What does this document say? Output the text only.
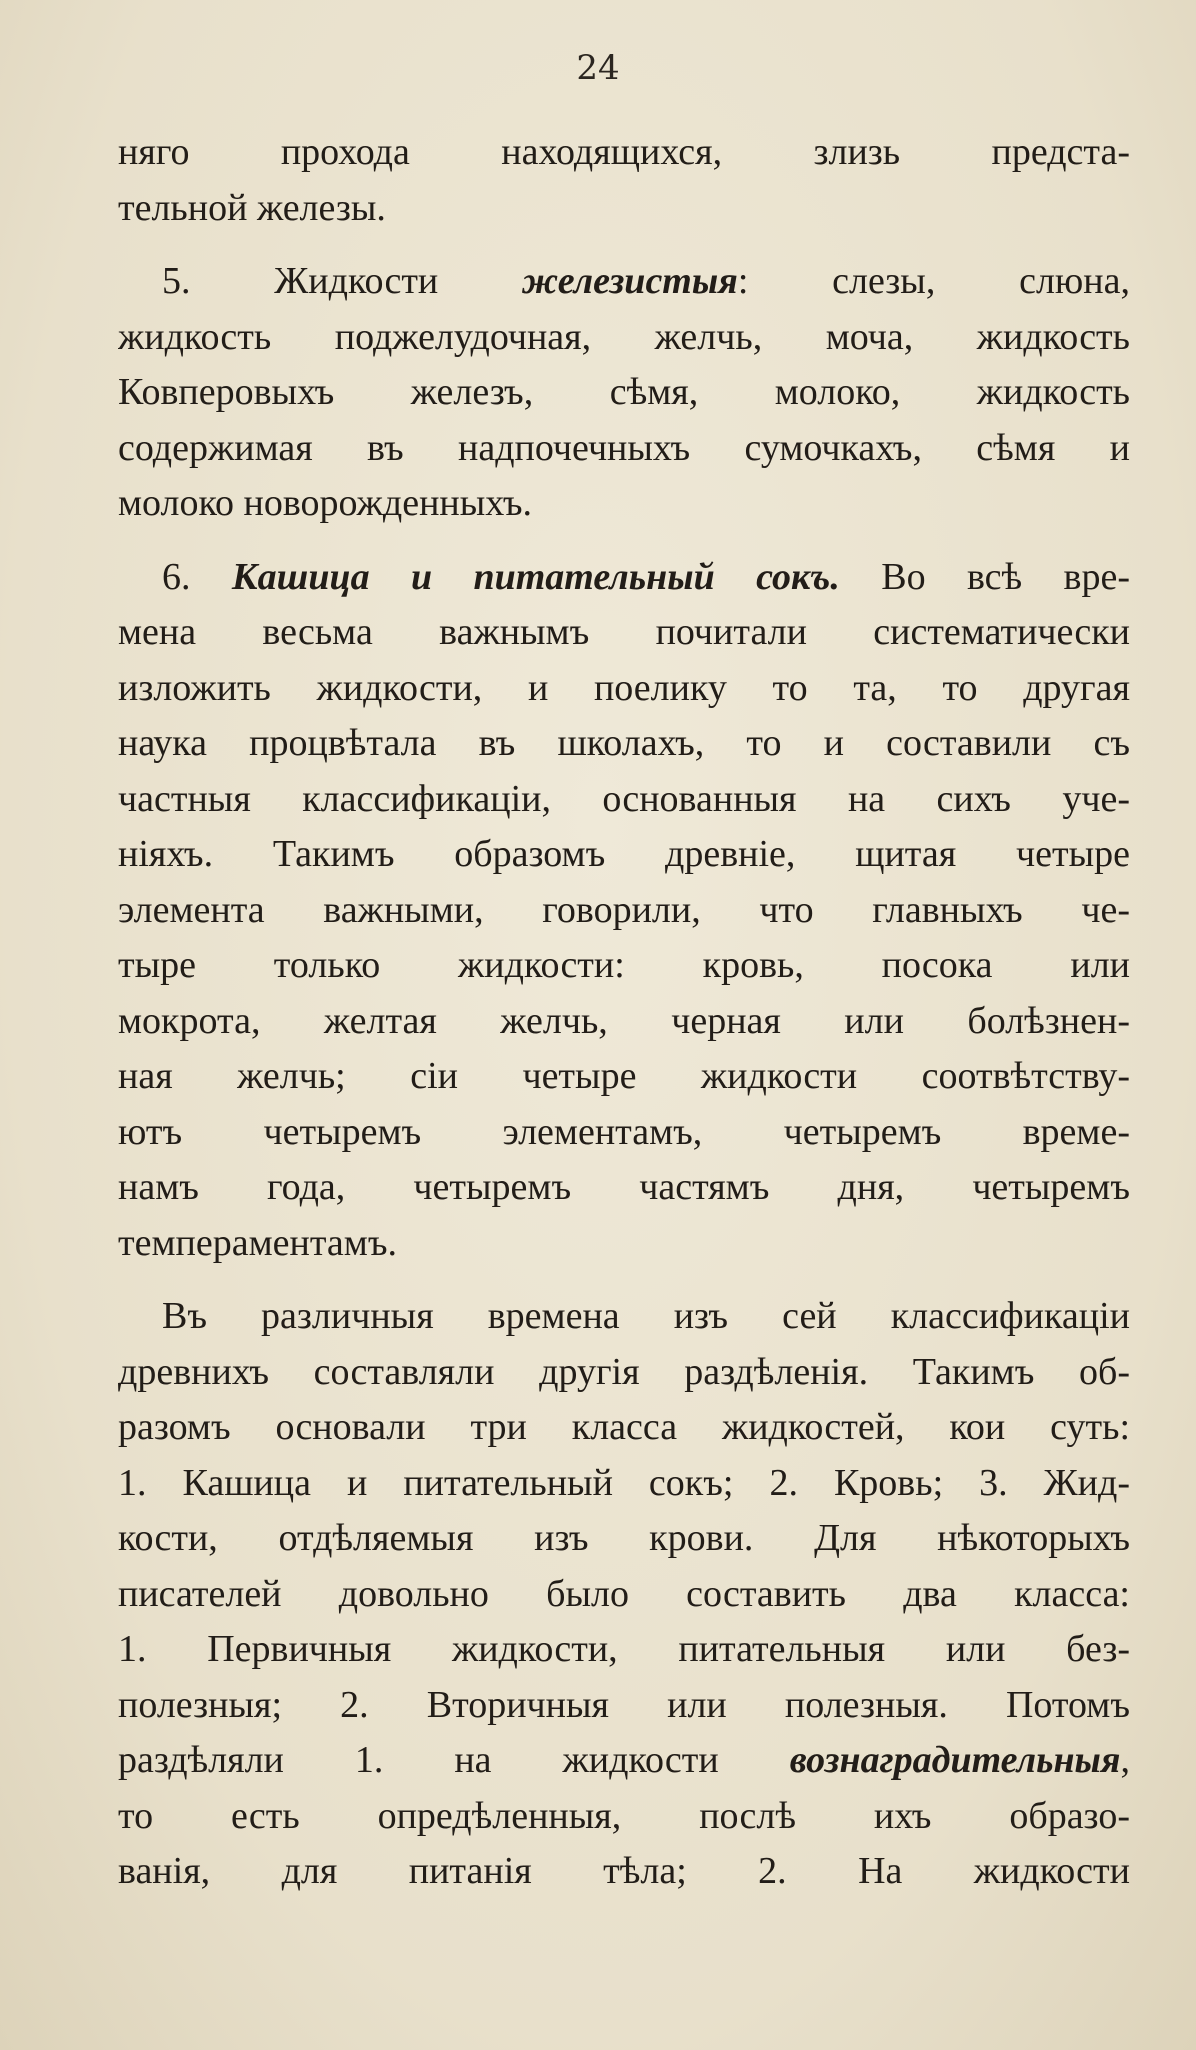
24
няго прохода находящихся, злизь предста-
тельной железы.
5. Жидкости железистыя: слезы, слюна,
жидкость поджелудочная, желчь, моча, жидкость
Ковперовыхъ железъ, сѣмя, молоко, жидкость
содержимая въ надпочечныхъ сумочкахъ, сѣмя и
молоко новорожденныхъ.
6. Кашица и питательный сокъ. Во всѣ вре-
мена весьма важнымъ почитали систематически
изложить жидкости, и поелику то та, то другая
наука процвѣтала въ школахъ, то и составили съ
частныя классификаціи, основанныя на сихъ уче-
ніяхъ. Такимъ образомъ древніе, щитая четыре
элемента важными, говорили, что главныхъ че-
тыре только жидкости: кровь, посока или
мокрота, желтая желчь, черная или болѣзнен-
ная желчь; сіи четыре жидкости соотвѣтству-
ютъ четыремъ элементамъ, четыремъ време-
намъ года, четыремъ частямъ дня, четыремъ
темпераментамъ.
Въ различныя времена изъ сей классификаціи
древнихъ составляли другія раздѣленія. Такимъ об-
разомъ основали три класса жидкостей, кои суть:
1. Кашица и питательный сокъ; 2. Кровь; 3. Жид-
кости, отдѣляемыя изъ крови. Для нѣкоторыхъ
писателей довольно было составить два класса:
1. Первичныя жидкости, питательныя или без-
полезныя; 2. Вторичныя или полезныя. Потомъ
раздѣляли 1. на жидкости вознаградительныя,
то есть опредѣленныя, послѣ ихъ образо-
ванія, для питанія тѣла; 2. На жидкости
